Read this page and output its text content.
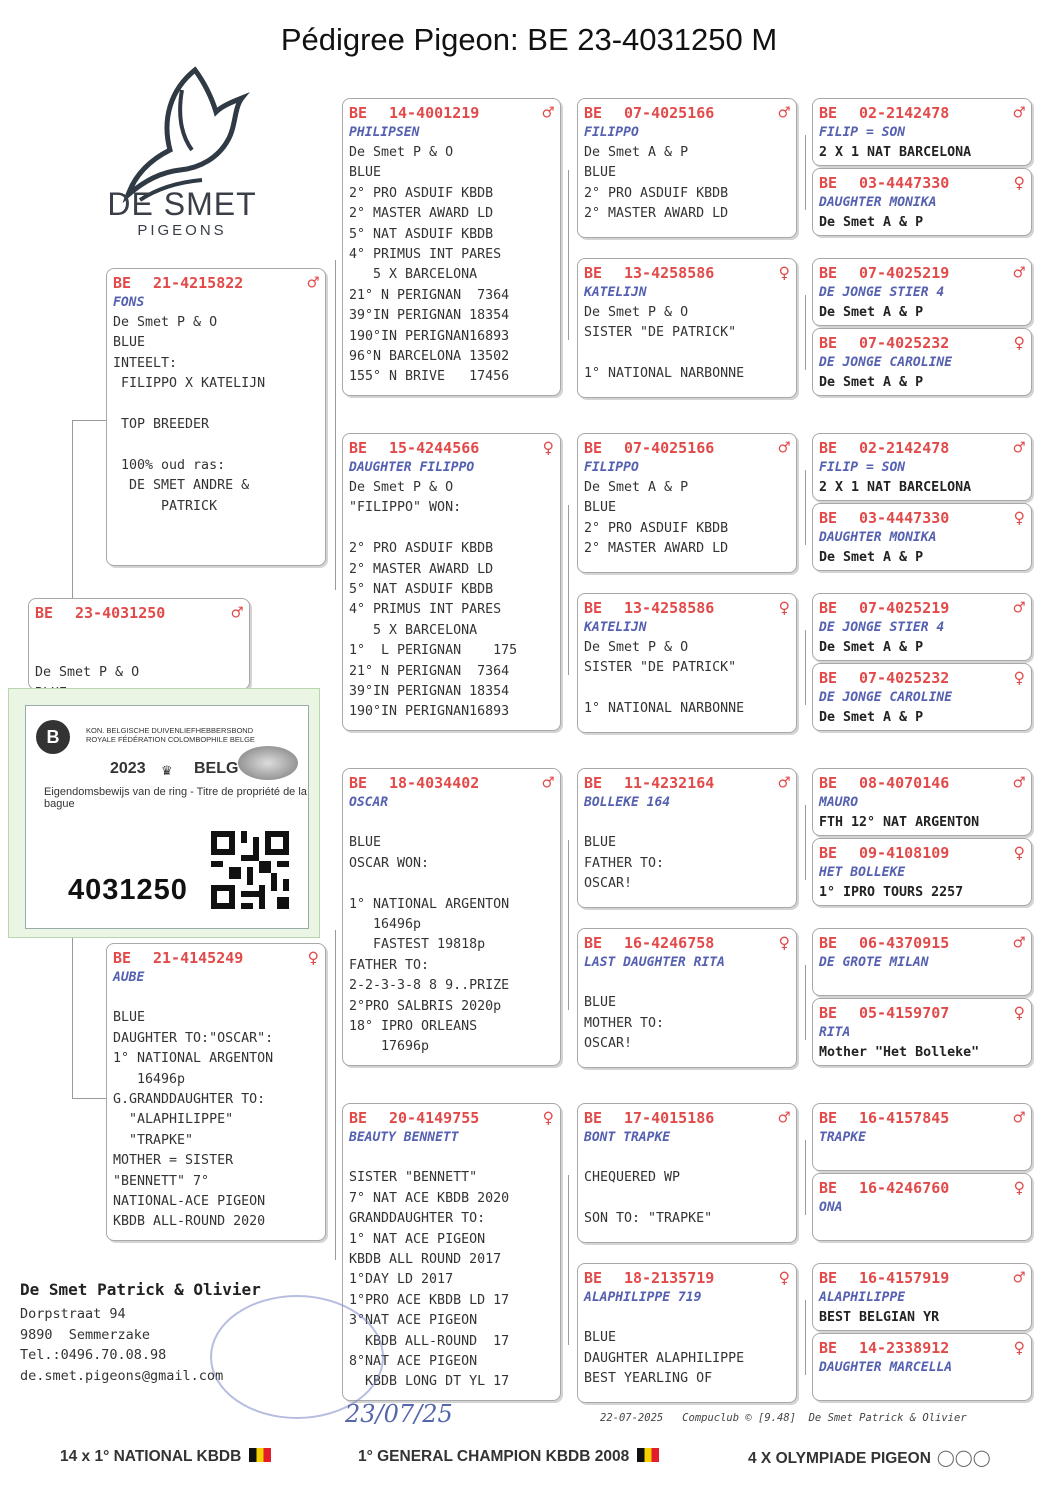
Pédigree Pigeon: BE 23-4031250 M
DE SMET
PIGEONS
BE	23-4031250	♂
De Smet P & O
BE	21-4215822	♂
FONS
De Smet P & O
BLUE
INTEELT:
FILIPPO X KATELIJN
TOP BREEDER
100% oud ras:
DE SMET ANDRE &
PATRICK
BE	21-4145249	♀
AUBE
BLUE
DAUGHTER TO:"OSCAR":
1° NATIONAL ARGENTON
16496p
G.GRANDDAUGHTER TO:
"ALAPHILIPPE"
"TRAPKE"
MOTHER = SISTER
"BENNETT" 7°
NATIONAL-ACE PIGEON
KBDB ALL-ROUND 2020
BE	14-4001219	♂
PHILIPSEN
De Smet P & O
BLUE
2° PRO ASDUIF KBDB
2° MASTER AWARD LD
5° NAT ASDUIF KBDB
4° PRIMUS INT PARES
5 X BARCELONA
21° N PERIGNAN  7364
39°IN PERIGNAN 18354
190°IN PERIGNAN16893
96°N BARCELONA 13502
155° N BRIVE   17456
BE	15-4244566	♀
DAUGHTER FILIPPO
De Smet P & O
"FILIPPO" WON:
2° PRO ASDUIF KBDB
2° MASTER AWARD LD
5° NAT ASDUIF KBDB
4° PRIMUS INT PARES
5 X BARCELONA
1°  L PERIGNAN    175
21° N PERIGNAN  7364
39°IN PERIGNAN 18354
190°IN PERIGNAN16893
BE	18-4034402	♂
OSCAR
BLUE
OSCAR WON:
1° NATIONAL ARGENTON
16496p
FASTEST 19818p
FATHER TO:
2-2-3-3-8 8 9..PRIZE
2°PRO SALBRIS 2020p
18° IPRO ORLEANS
17696p
BE	20-4149755	♀
BEAUTY BENNETT
SISTER "BENNETT"
7° NAT ACE KBDB 2020
GRANDDAUGHTER TO:
1° NAT ACE PIGEON
KBDB ALL ROUND 2017
1°DAY LD 2017
1°PRO ACE KBDB LD 17
3°NAT ACE PIGEON
KBDB ALL-ROUND  17
8°NAT ACE PIGEON
KBDB LONG DT YL 17
BE	07-4025166	♂
FILIPPO
De Smet A & P
BLUE
2° PRO ASDUIF KBDB
2° MASTER AWARD LD
BE	13-4258586	♀
KATELIJN
De Smet P & O
SISTER "DE PATRICK"
1° NATIONAL NARBONNE
BE	07-4025166	♂
FILIPPO
De Smet A & P
BLUE
2° PRO ASDUIF KBDB
2° MASTER AWARD LD
BE	13-4258586	♀
KATELIJN
De Smet P & O
SISTER "DE PATRICK"
1° NATIONAL NARBONNE
BE	11-4232164	♂
BOLLEKE 164
BLUE
FATHER TO:
OSCAR!
BE	16-4246758	♀
LAST DAUGHTER RITA
BLUE
MOTHER TO:
OSCAR!
BE	17-4015186	♂
BONT TRAPKE
CHEQUERED WP
SON TO: "TRAPKE"
BE	18-2135719	♀
ALAPHILIPPE 719
BLUE
DAUGHTER ALAPHILIPPE
BEST YEARLING OF
BE	02-2142478	♂
FILIP = SON
2 X 1 NAT BARCELONA
BE	03-4447330	♀
DAUGHTER MONIKA
De Smet A & P
BE	07-4025219	♂
DE JONGE STIER 4
De Smet A & P
BE	07-4025232	♀
DE JONGE CAROLINE
De Smet A & P
BE	02-2142478	♂
FILIP = SON
2 X 1 NAT BARCELONA
BE	03-4447330	♀
DAUGHTER MONIKA
De Smet A & P
BE	07-4025219	♂
DE JONGE STIER 4
De Smet A & P
BE	07-4025232	♀
DE JONGE CAROLINE
De Smet A & P
BE	08-4070146	♂
MAURO
FTH 12° NAT ARGENTON
BE	09-4108109	♀
HET BOLLEKE
1° IPRO TOURS 2257
BE	06-4370915	♂
DE GROTE MILAN
BE	05-4159707	♀
RITA
Mother "Het Bolleke"
BE	16-4157845	♂
TRAPKE
BE	16-4246760	♀
ONA
BE	16-4157919	♂
ALAPHILIPPE
BEST BELGIAN YR
BE	14-2338912	♀
DAUGHTER MARCELLA
B	KON. BELGISCHE DUIVENLIEFHEBBERSBOND
ROYALE FÉDÉRATION COLOMBOPHILE BELGE
2023 ♛ BELG
Eigendomsbewijs van de ring - Titre de propriété de la bague
4031250
De Smet Patrick & Olivier
Dorpstraat 94
9890  Semmerzake
Tel.:0496.70.08.98
de.smet.pigeons@gmail.com
23/07/25	22-07-2025   Compuclub © [9.48]  De Smet Patrick & Olivier
14 x 1° NATIONAL KBDB	1° GENERAL CHAMPION KBDB 2008	4 X OLYMPIADE PIGEON ◯◯◯
